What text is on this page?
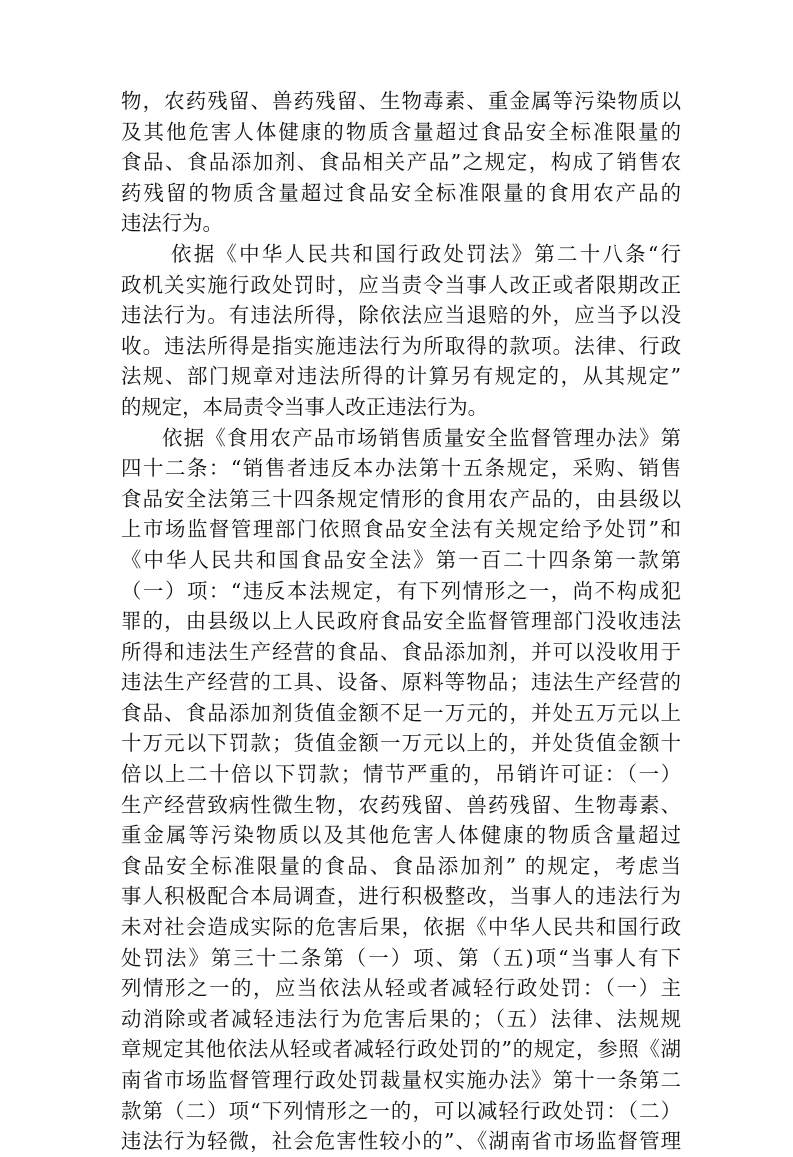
物，农药残留、兽药残留、生物毒素、重金属等污染物质以
及其他危害人体健康的物质含量超过食品安全标准限量的
食品、食品添加剂、食品相关产品”之规定，构成了销售农
药残留的物质含量超过食品安全标准限量的食用农产品的
违法行为。
依据《中华人民共和国行政处罚法》第二十八条“行
政机关实施行政处罚时，应当责令当事人改正或者限期改正
违法行为。有违法所得，除依法应当退赔的外，应当予以没
收。违法所得是指实施违法行为所取得的款项。法律、行政
法规、部门规章对违法所得的计算另有规定的，从其规定”
的规定，本局责令当事人改正违法行为。
依据《食用农产品市场销售质量安全监督管理办法》第
四十二条：“销售者违反本办法第十五条规定，采购、销售
食品安全法第三十四条规定情形的食用农产品的，由县级以
上市场监督管理部门依照食品安全法有关规定给予处罚”和
《中华人民共和国食品安全法》第一百二十四条第一款第
（一）项：“违反本法规定，有下列情形之一，尚不构成犯
罪的，由县级以上人民政府食品安全监督管理部门没收违法
所得和违法生产经营的食品、食品添加剂，并可以没收用于
违法生产经营的工具、设备、原料等物品；违法生产经营的
食品、食品添加剂货值金额不足一万元的，并处五万元以上
十万元以下罚款；货值金额一万元以上的，并处货值金额十
倍以上二十倍以下罚款；情节严重的，吊销许可证：（一）
生产经营致病性微生物，农药残留、兽药残留、生物毒素、
重金属等污染物质以及其他危害人体健康的物质含量超过
食品安全标准限量的食品、食品添加剂” 的规定，考虑当
事人积极配合本局调查，进行积极整改，当事人的违法行为
未对社会造成实际的危害后果，依据《中华人民共和国行政
处罚法》第三十二条第（一）项、第（五)项“当事人有下
列情形之一的，应当依法从轻或者减轻行政处罚：（一）主
动消除或者减轻违法行为危害后果的；（五）法律、法规规
章规定其他依法从轻或者减轻行政处罚的”的规定，参照《湖
南省市场监督管理行政处罚裁量权实施办法》第十一条第二
款第（二）项“下列情形之一的，可以减轻行政处罚：（二）
违法行为轻微，社会危害性较小的”、《湖南省市场监督管理
